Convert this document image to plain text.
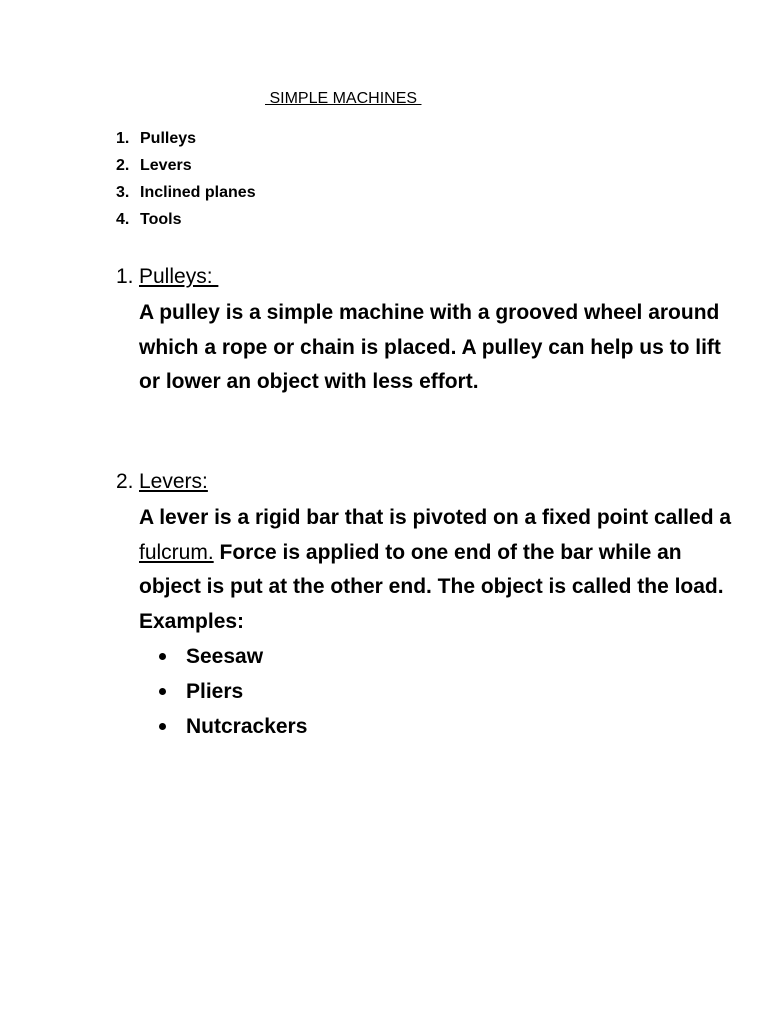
SIMPLE MACHINES
1. Pulleys
2. Levers
3. Inclined planes
4. Tools
1. Pulleys:

A pulley is a simple machine with a grooved wheel around which a rope or chain is placed. A pulley can help us to lift or lower an object with less effort.

2. Levers:

A lever is a rigid bar that is pivoted on a fixed point called a fulcrum. Force is applied to one end of the bar while an object is put at the other end. The object is called the load.

Examples:
Seesaw
Pliers
Nutcrackers
